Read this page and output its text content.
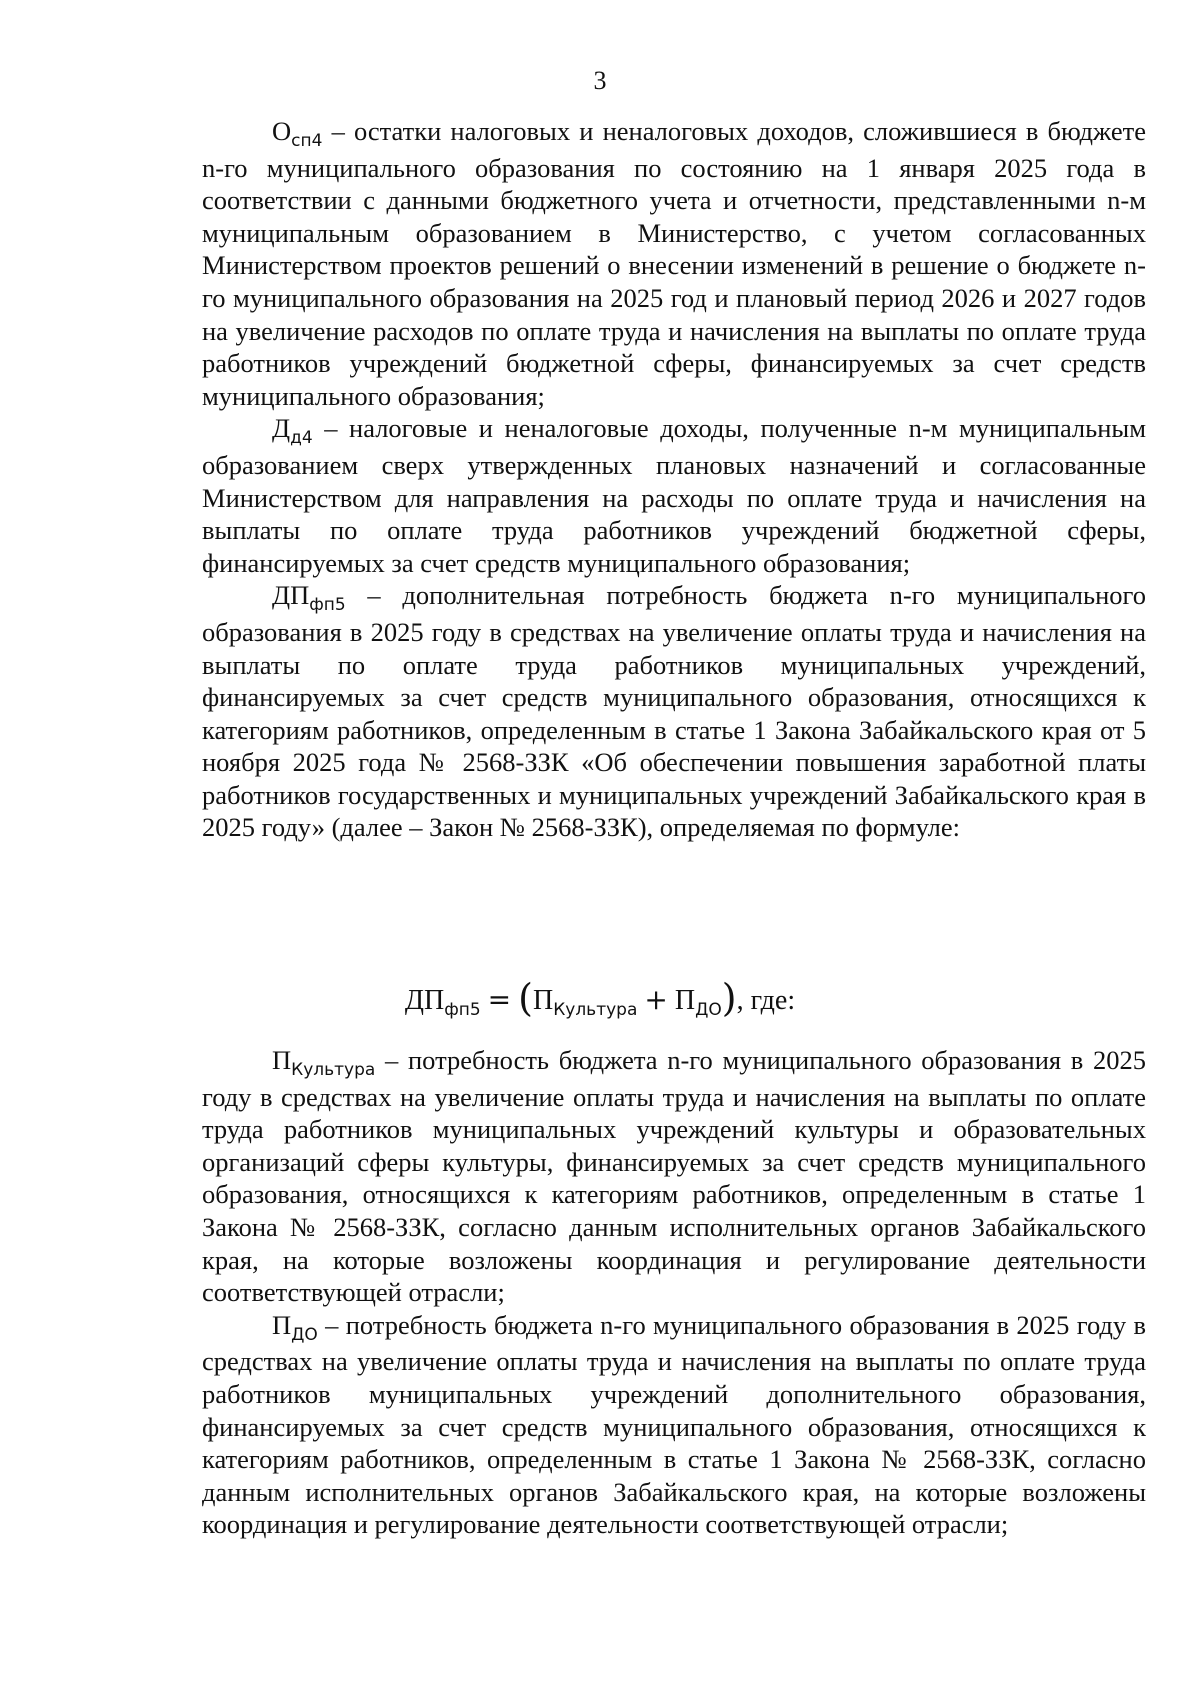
3

$О_{сп4}$ – остатки налоговых и неналоговых доходов, сложившиеся в бюджете n-го муниципального образования по состоянию на 1 января 2025 года в соответствии с данными бюджетного учета и отчетности, представленными n-м муниципальным образованием в Министерство, с учетом согласованных Министерством проектов решений о внесении изменений в решение о бюджете n-го муниципального образования на 2025 год и плановый период 2026 и 2027 годов на увеличение расходов по оплате труда и начисления на выплаты по оплате труда работников учреждений бюджетной сферы, финансируемых за счет средств муниципального образования;

$Д_{д4}$ – налоговые и неналоговые доходы, полученные n-м муниципальным образованием сверх утвержденных плановых назначений и согласованные Министерством для направления на расходы по оплате труда и начисления на выплаты по оплате труда работников учреждений бюджетной сферы, финансируемых за счет средств муниципального образования;

$ДП_{фп5}$ – дополнительная потребность бюджета n-го муниципального образования в 2025 году в средствах на увеличение оплаты труда и начисления на выплаты по оплате труда работников муниципальных учреждений, финансируемых за счет средств муниципального образования, относящихся к категориям работников, определенным в статье 1 Закона Забайкальского края от 5 ноября 2025 года № 2568-ЗЗК «Об обеспечении повышения заработной платы работников государственных и муниципальных учреждений Забайкальского края в 2025 году» (далее – Закон № 2568-ЗЗК), определяемая по формуле:

$ДП_{фп5} = (П_{Культура} + П_{ДО})$, где:

$П_{Культура}$ – потребность бюджета n-го муниципального образования в 2025 году в средствах на увеличение оплаты труда и начисления на выплаты по оплате труда работников муниципальных учреждений культуры и образовательных организаций сферы культуры, финансируемых за счет средств муниципального образования, относящихся к категориям работников, определенным в статье 1 Закона № 2568-ЗЗК, согласно данным исполнительных органов Забайкальского края, на которые возложены координация и регулирование деятельности соответствующей отрасли;

$П_{ДО}$ – потребность бюджета n-го муниципального образования в 2025 году в средствах на увеличение оплаты труда и начисления на выплаты по оплате труда работников муниципальных учреждений дополнительного образования, финансируемых за счет средств муниципального образования, относящихся к категориям работников, определенным в статье 1 Закона № 2568-ЗЗК, согласно данным исполнительных органов Забайкальского края, на которые возложены координация и регулирование деятельности соответствующей отрасли;
